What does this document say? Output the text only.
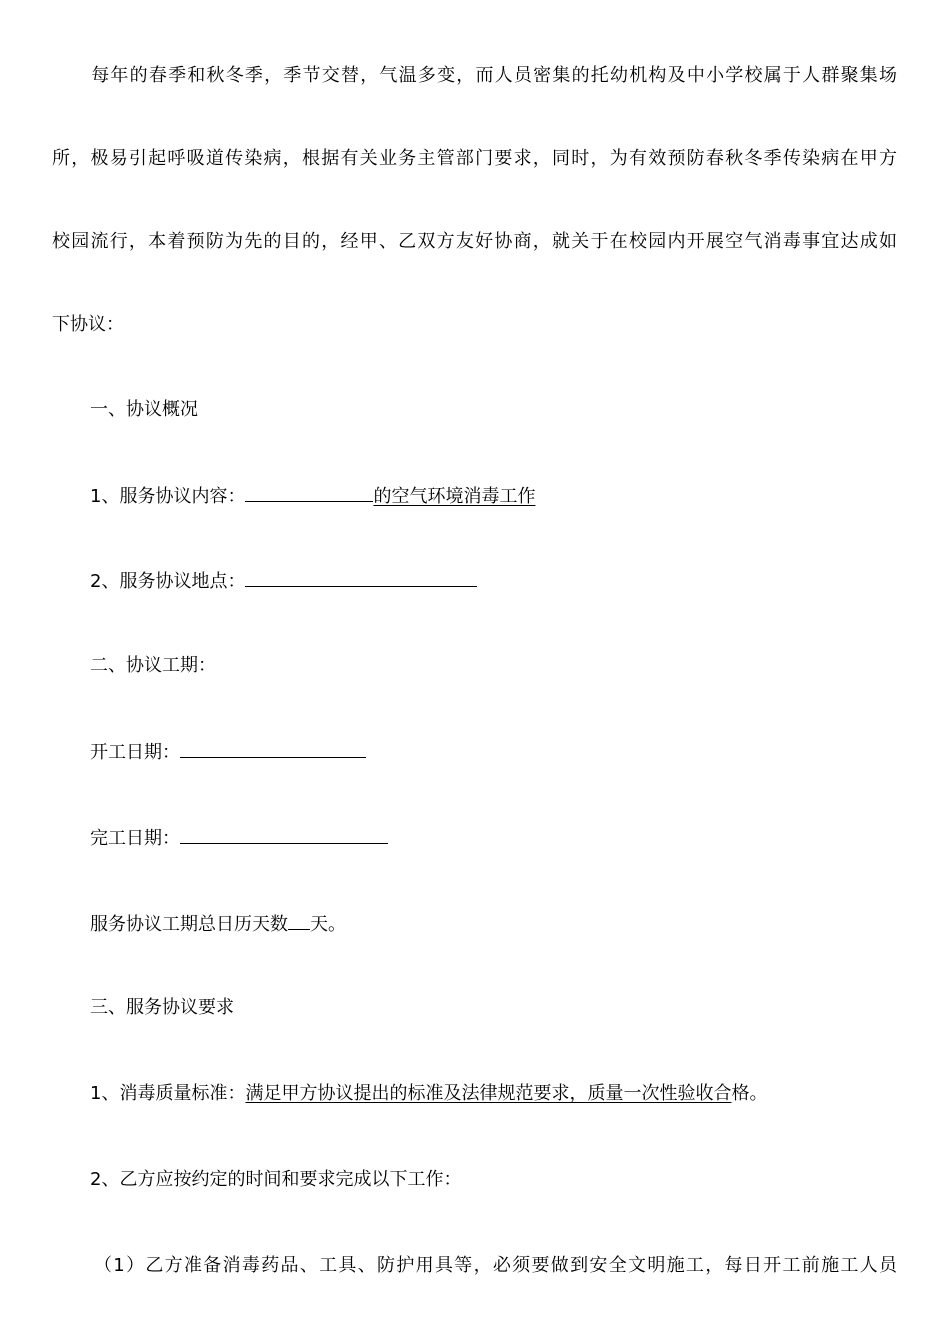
每年的春季和秋冬季，季节交替，气温多变，而人员密集的托幼机构及中小学校属于人群聚集场
所，极易引起呼吸道传染病，根据有关业务主管部门要求，同时，为有效预防春秋冬季传染病在甲方
校园流行，本着预防为先的目的，经甲、乙双方友好协商，就关于在校园内开展空气消毒事宜达成如
下协议：
一、协议概况
1、服务协议内容：	的空气环境消毒工作
2、服务协议地点：
二、协议工期：
开工日期：
完工日期：
服务协议工期总日历天数 天。
三、服务协议要求
1、消毒质量标准：满足甲方协议提出的标准及法律规范要求，质量一次性验收合格。
2、乙方应按约定的时间和要求完成以下工作：
（1）乙方准备消毒药品、工具、防护用具等，必须要做到安全文明施工，每日开工前施工人员
